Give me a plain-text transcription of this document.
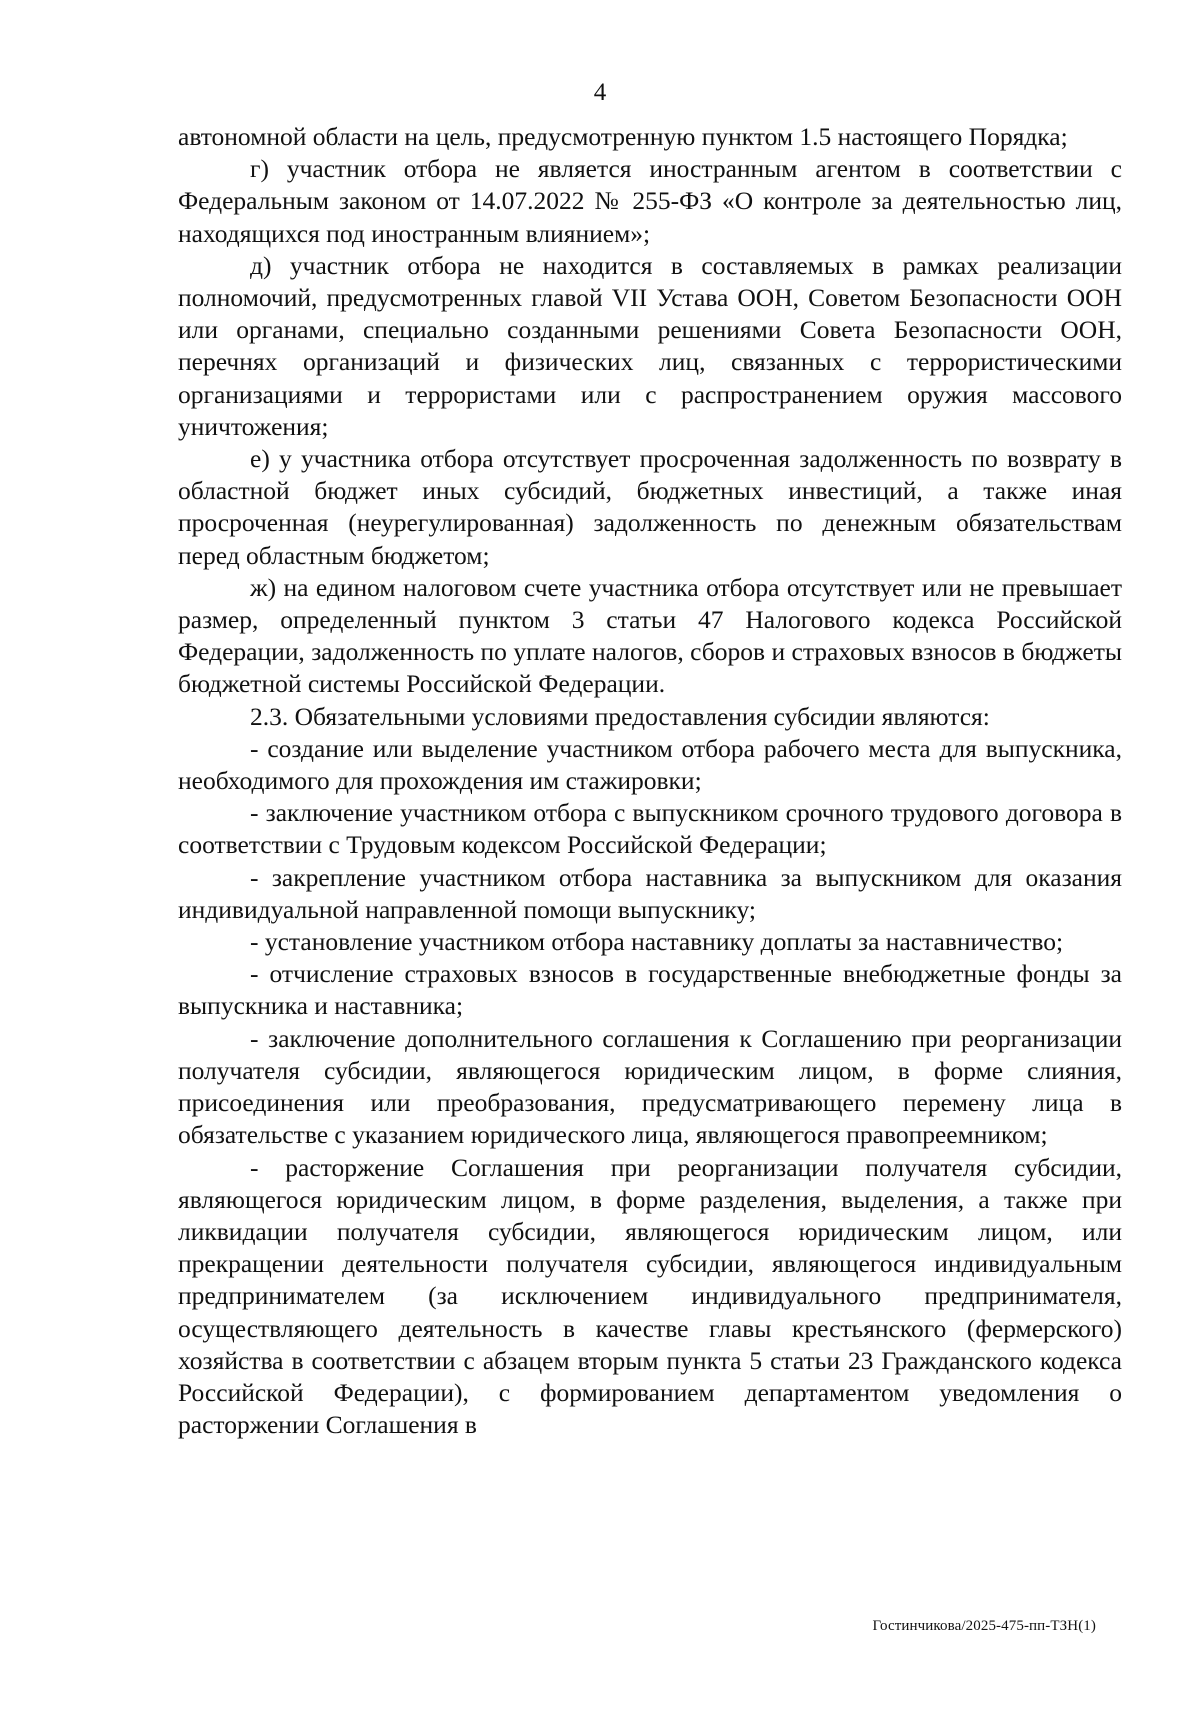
4

автономной области на цель, предусмотренную пунктом 1.5 настоящего Порядка;

г) участник отбора не является иностранным агентом в соответствии с Федеральным законом от 14.07.2022 № 255-ФЗ «О контроле за деятельностью лиц, находящихся под иностранным влиянием»;

д) участник отбора не находится в составляемых в рамках реализации полномочий, предусмотренных главой VII Устава ООН, Советом Безопасности ООН или органами, специально созданными решениями Совета Безопасности ООН, перечнях организаций и физических лиц, связанных с террористическими организациями и террористами или с распространением оружия массового уничтожения;

е) у участника отбора отсутствует просроченная задолженность по возврату в областной бюджет иных субсидий, бюджетных инвестиций, а также иная просроченная (неурегулированная) задолженность по денежным обязательствам перед областным бюджетом;

ж) на едином налоговом счете участника отбора отсутствует или не превышает размер, определенный пунктом 3 статьи 47 Налогового кодекса Российской Федерации, задолженность по уплате налогов, сборов и страховых взносов в бюджеты бюджетной системы Российской Федерации.

2.3. Обязательными условиями предоставления субсидии являются:

- создание или выделение участником отбора рабочего места для выпускника, необходимого для прохождения им стажировки;

- заключение участником отбора с выпускником срочного трудового договора в соответствии с Трудовым кодексом Российской Федерации;

- закрепление участником отбора наставника за выпускником для оказания индивидуальной направленной помощи выпускнику;

- установление участником отбора наставнику доплаты за наставничество;

- отчисление страховых взносов в государственные внебюджетные фонды за выпускника и наставника;

- заключение дополнительного соглашения к Соглашению при реорганизации получателя субсидии, являющегося юридическим лицом, в форме слияния, присоединения или преобразования, предусматривающего перемену лица в обязательстве с указанием юридического лица, являющегося правопреемником;

- расторжение Соглашения при реорганизации получателя субсидии, являющегося юридическим лицом, в форме разделения, выделения, а также при ликвидации получателя субсидии, являющегося юридическим лицом, или прекращении деятельности получателя субсидии, являющегося индивидуальным предпринимателем (за исключением индивидуального предпринимателя, осуществляющего деятельность в качестве главы крестьянского (фермерского) хозяйства в соответствии с абзацем вторым пункта 5 статьи 23 Гражданского кодекса Российской Федерации), с формированием департаментом уведомления о расторжении Соглашения в

Гостинчикова/2025-475-пп-ТЗН(1)
